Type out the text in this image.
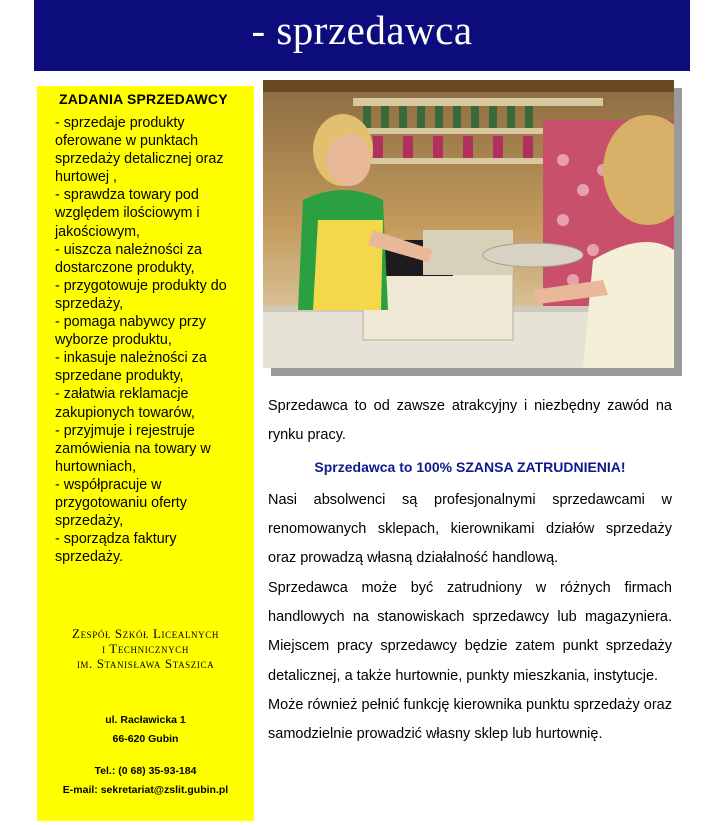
- sprzedawca
ZADANIA SPRZEDAWCY
- sprzedaje produkty
oferowane w punktach
sprzedaży detalicznej oraz
hurtowej ,
- sprawdza towary pod
względem ilościowym i
jakościowym,
- uiszcza należności za
dostarczone produkty,
- przygotowuje produkty do
sprzedaży,
- pomaga nabywcy przy
wyborze produktu,
- inkasuje należności za
sprzedane produkty,
- załatwia reklamacje
zakupionych towarów,
- przyjmuje i rejestruje
zamówienia na towary w
hurtowniach,
- współpracuje w
przygotowaniu oferty
sprzedaży,
- sporządza faktury
sprzedaży.
Zespół Szkół Licealnych
i Technicznych
im. Stanisława Staszica
ul. Racławicka 1
66-620 Gubin
Tel.: (0 68) 35-93-184
E-mail: sekretariat@zslit.gubin.pl

Sprzedawca to od zawsze atrakcyjny i niezbędny zawód na rynku pracy.

Sprzedawca to 100% SZANSA ZATRUDNIENIA!

Nasi absolwenci są profesjonalnymi sprzedawcami w renomowanych sklepach, kierownikami działów sprzedaży oraz prowadzą własną działalność handlową.

Sprzedawca może być zatrudniony w różnych firmach handlowych na stanowiskach sprzedawcy lub magazyniera. Miejscem pracy sprzedawcy będzie zatem punkt sprzedaży detalicznej, a także hurtownie, punkty mieszkania, instytucje.

Może również pełnić funkcję kierownika punktu sprzedaży oraz samodzielnie prowadzić własny sklep lub hurtownię.
